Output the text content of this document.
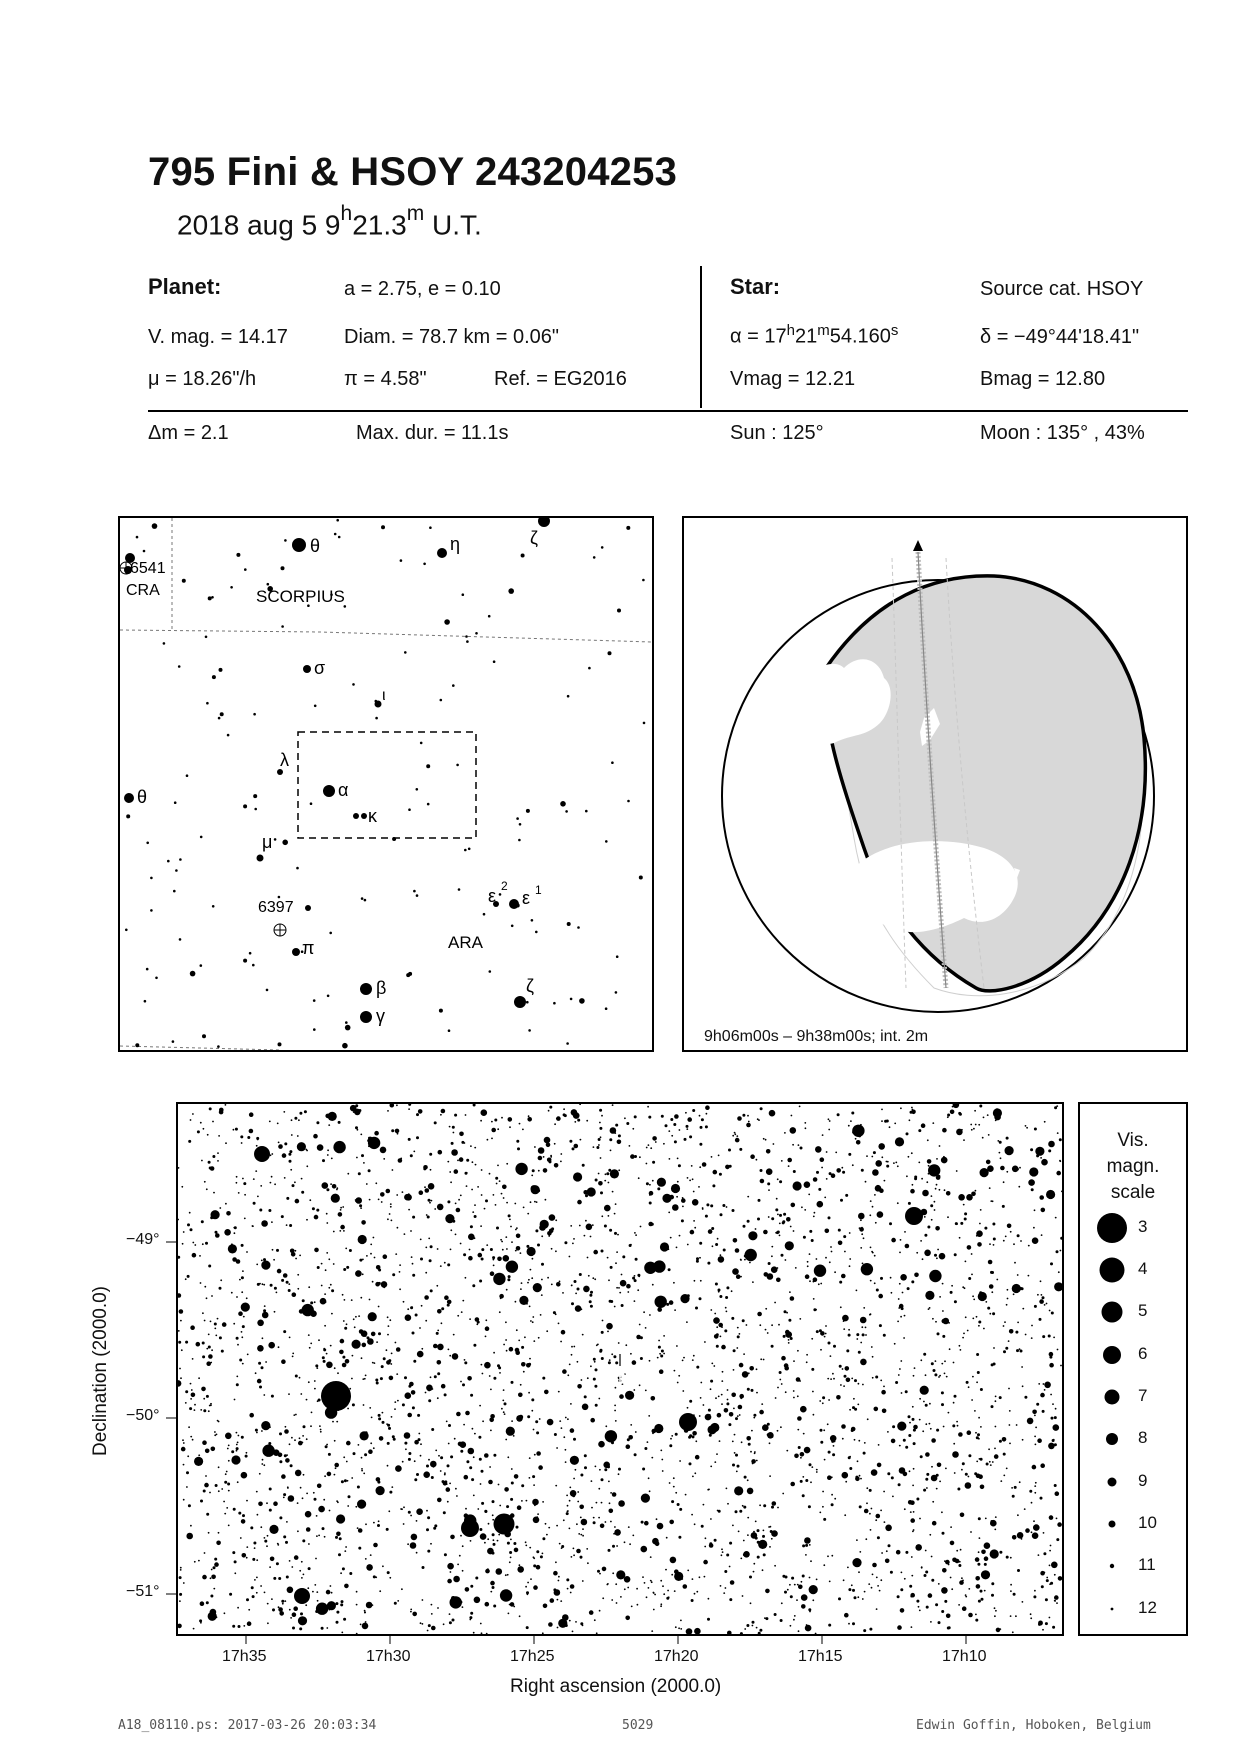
795 Fini & HSOY 243204253
2018 aug 5 9$^h$21.3$^m$ U.T.
Planet:	a = 2.75, e = 0.10	Star:	Source cat. HSOY
V. mag. = 14.17	Diam. = 78.7 km = 0.06"	$\alpha = 17^h21^m54.160^s$	δ = −49°44'18.41"
μ = 18.26"/h	π = 4.58"	Ref. = EG2016	Vmag = 12.21	Bmag = 12.80
Δm = 2.1	Max. dur. = 11.1s	Sun : 125°	Moon : 135° , 43%
θ	η	ζ
6541
CRA	SCORPIUS
σ
ι
λ
α
θ
κ
μ
6397
ε 2
ε 1
ARA
π
β	ζ
γ
9h06m00s – 9h38m00s; int. 2m
−49°
−50°
−51°
17h35	17h30	17h25	17h20	17h15	17h10
Right ascension (2000.0)
Declination (2000.0)
Vis.
magn.
scale
3
4
5
6
7
8
9
10
11
12
A18_08110.ps: 2017-03-26 20:03:34	5029	Edwin Goffin, Hoboken, Belgium
